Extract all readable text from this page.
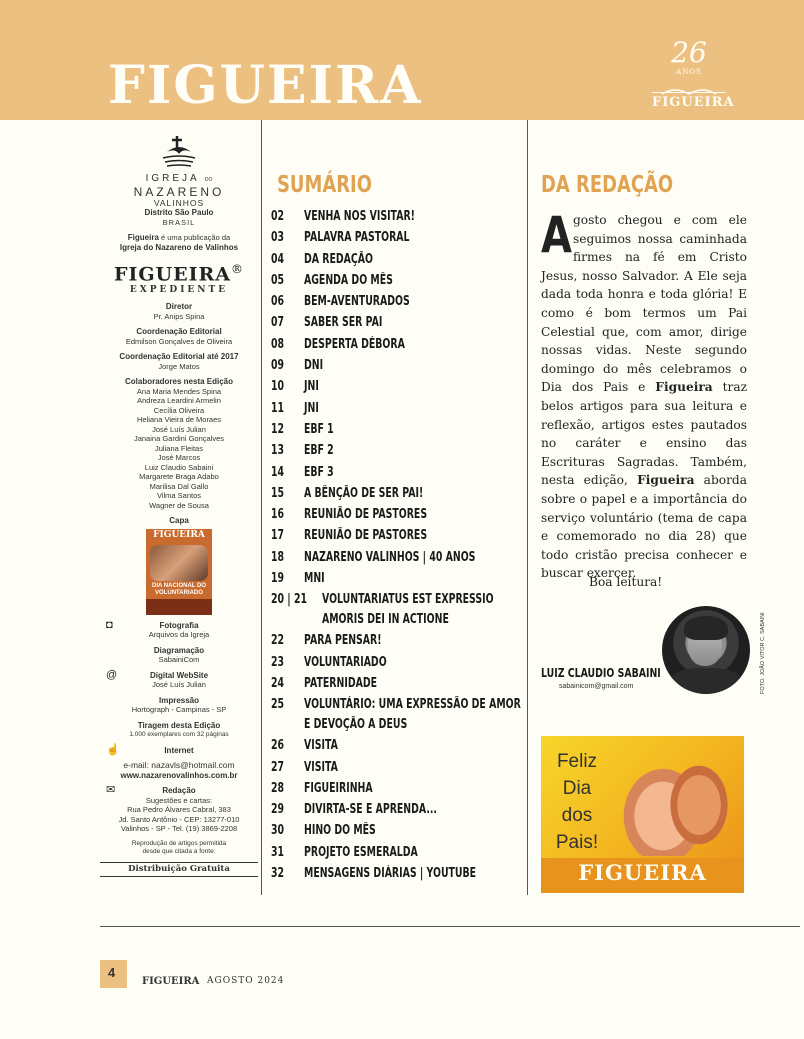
FIGUEIRA
26
ANOS
FIGUEIRA
IGREJA DO
NAZARENO
VALINHOS
Distrito São Paulo
BRASIL
Figueira é uma publicação da
Igreja do Nazareno de Valinhos
FIGUEIRA®
EXPEDIENTE
Diretor
Pr. Anips Spina
Coordenação Editorial
Edmilson Gonçalves de Oliveira
Coordenação Editorial até 2017
Jorge Matos
Colaboradores nesta Edição
Ana Maria Mendes Spina
Andreza Leardini Armelin
Cecília Oliveira
Heliana Vieira de Moraes
José Luís Julian
Janaina Gardini Gonçalves
Juliana Fleitas
José Marcos
Luiz Claudio Sabaini
Margarete Braga Adabo
Marilisa Dal Gallo
Vilma Santos
Wagner de Sousa
Capa
FIGUEIRA
DIA NACIONAL DO VOLUNTARIADO
◘	Fotografia
Arquivos da Igreja
Diagramação
SabainiCom
@	Digital WebSite
José Luís Julian
Impressão
Hortograph - Campinas - SP
Tiragem desta Edição
1.000 exemplares com 32 páginas
☝	Internet
e-mail: nazavls@hotmail.com
www.nazarenovalinhos.com.br
✉	Redação
Sugestões e cartas:
Rua Pedro Álvares Cabral, 383
Jd. Santo Antônio - CEP: 13277-010
Valinhos - SP - Tel. (19) 3869-2208
Reprodução de artigos permitida
desde que citada a fonte.
Distribuição Gratuita
SUMÁRIO
02 VENHA NOS VISITAR!
03 PALAVRA PASTORAL
04 DA REDAÇÃO
05 AGENDA DO MÊS
06 BEM-AVENTURADOS
07 SABER SER PAI
08 DESPERTA DÉBORA
09 DNI
10 JNI
11 JNI
12 EBF 1
13 EBF 2
14 EBF 3
15 A BÊNÇÃO DE SER PAI!
16 REUNIÃO DE PASTORES
17 REUNIÃO DE PASTORES
18 NAZARENO VALINHOS | 40 ANOS
19 MNI
20 | 21 VOLUNTARIATUS EST EXPRESSIO
AMORIS DEI IN ACTIONE
22 PARA PENSAR!
23 VOLUNTARIADO
24 PATERNIDADE
25 VOLUNTÁRIO: UMA EXPRESSÃO DE AMOR
E DEVOÇÃO A DEUS
26 VISITA
27 VISITA
28 FIGUEIRINHA
29 DIVIRTA-SE E APRENDA...
30 HINO DO MÊS
31 PROJETO ESMERALDA
32 MENSAGENS DIÁRIAS | YOUTUBE
DA REDAÇÃO
Agosto chegou e com ele seguimos nossa caminhada firmes na fé em Cristo Jesus, nosso Salvador. A Ele seja dada toda honra e toda glória! E como é bom termos um Pai Celestial que, com amor, dirige nossas vidas. Neste segundo domingo do mês celebramos o Dia dos Pais e Figueira traz belos artigos para sua leitura e reflexão, artigos estes pautados no caráter e ensino das Escrituras Sagradas. Também, nesta edição, Figueira aborda sobre o papel e a importância do serviço voluntário (tema de capa e comemorado no dia 28) que todo cristão precisa conhecer e buscar exercer.
Boa leitura!
FOTO: JOÃO VITOR C. SABAINI
LUIZ CLAUDIO SABAINI
sabainicom@gmail.com
Feliz
Dia
dos
Pais!
FIGUEIRA
4
FIGUEIRA AGOSTO 2024
